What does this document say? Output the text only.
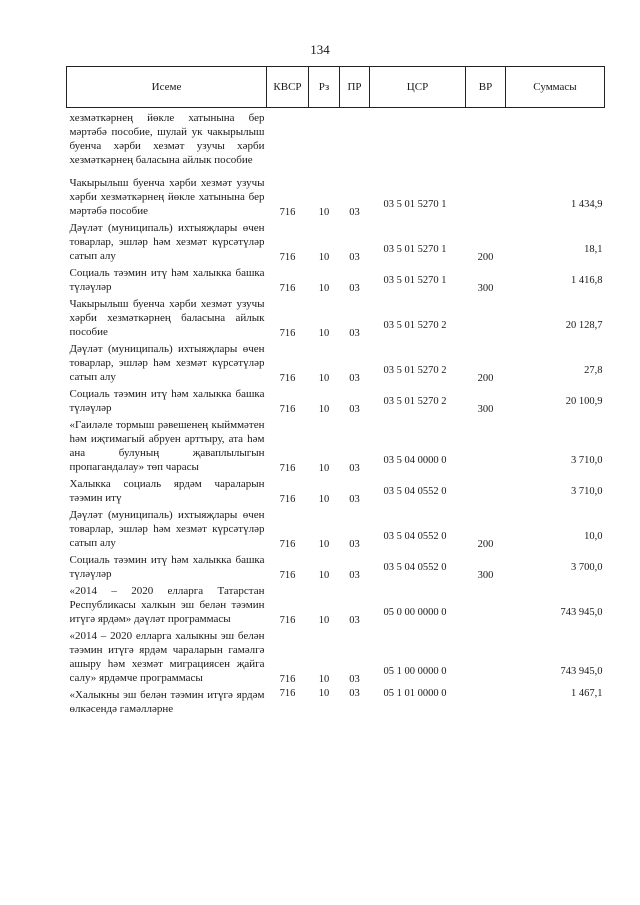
134
Исеме	КВСР	Рз	ПР	ЦСР	ВР	Суммасы
хезмәткәрнең йөкле хатынына бер мәртәбә пособие, шулай ук чакырылыш буенча хәрби хезмәт узучы хәрби хезмәткәрнең баласына айлык пособие						
Чакырылыш буенча хәрби хезмәт узучы хәрби хезмәткәрнең йөкле хатынына бер мәртәбә пособие	716	10	03	03 5 01 5270 1		1 434,9
Дәүләт (муниципаль) ихтыяҗлары өчен товарлар, эшләр һәм хезмәт күрсәтүләр сатып алу	716	10	03	03 5 01 5270 1	200	18,1
Социаль тәэмин итү һәм халыкка башка түләүләр	716	10	03	03 5 01 5270 1	300	1 416,8
Чакырылыш буенча хәрби хезмәт узучы хәрби хезмәткәрнең баласына айлык пособие	716	10	03	03 5 01 5270 2		20 128,7
Дәүләт (муниципаль) ихтыяҗлары өчен товарлар, эшләр һәм хезмәт күрсәтүләр сатып алу	716	10	03	03 5 01 5270 2	200	27,8
Социаль тәэмин итү һәм халыкка башка түләүләр	716	10	03	03 5 01 5270 2	300	20 100,9
«Гаиләле тормыш рәвешенең кыйммәтен һәм иҗтимагый абруен арттыру, ата һәм ана булуның җаваплылыгын пропагандалау» төп чарасы	716	10	03	03 5 04 0000 0		3 710,0
Халыкка социаль ярдәм чараларын тәэмин итү	716	10	03	03 5 04 0552 0		3 710,0
Дәүләт (муниципаль) ихтыяҗлары өчен товарлар, эшләр һәм хезмәт күрсәтүләр сатып алу	716	10	03	03 5 04 0552 0	200	10,0
Социаль тәэмин итү һәм халыкка башка түләүләр	716	10	03	03 5 04 0552 0	300	3 700,0
«2014 – 2020 елларга Татарстан Республикасы халкын эш белән тәэмин итүгә ярдәм» дәүләт программасы	716	10	03	05 0 00 0000 0		743 945,0
«2014 – 2020 елларга халыкны эш белән тәэмин итүгә ярдәм чараларын гамәлгә ашыру һәм хезмәт миграциясен җайга салу» ярдәмче программасы	716	10	03	05 1 00 0000 0		743 945,0
«Халыкны эш белән тәэмин итүгә ярдәм өлкәсендә гамәлләрне	716	10	03	05 1 01 0000 0		1 467,1
